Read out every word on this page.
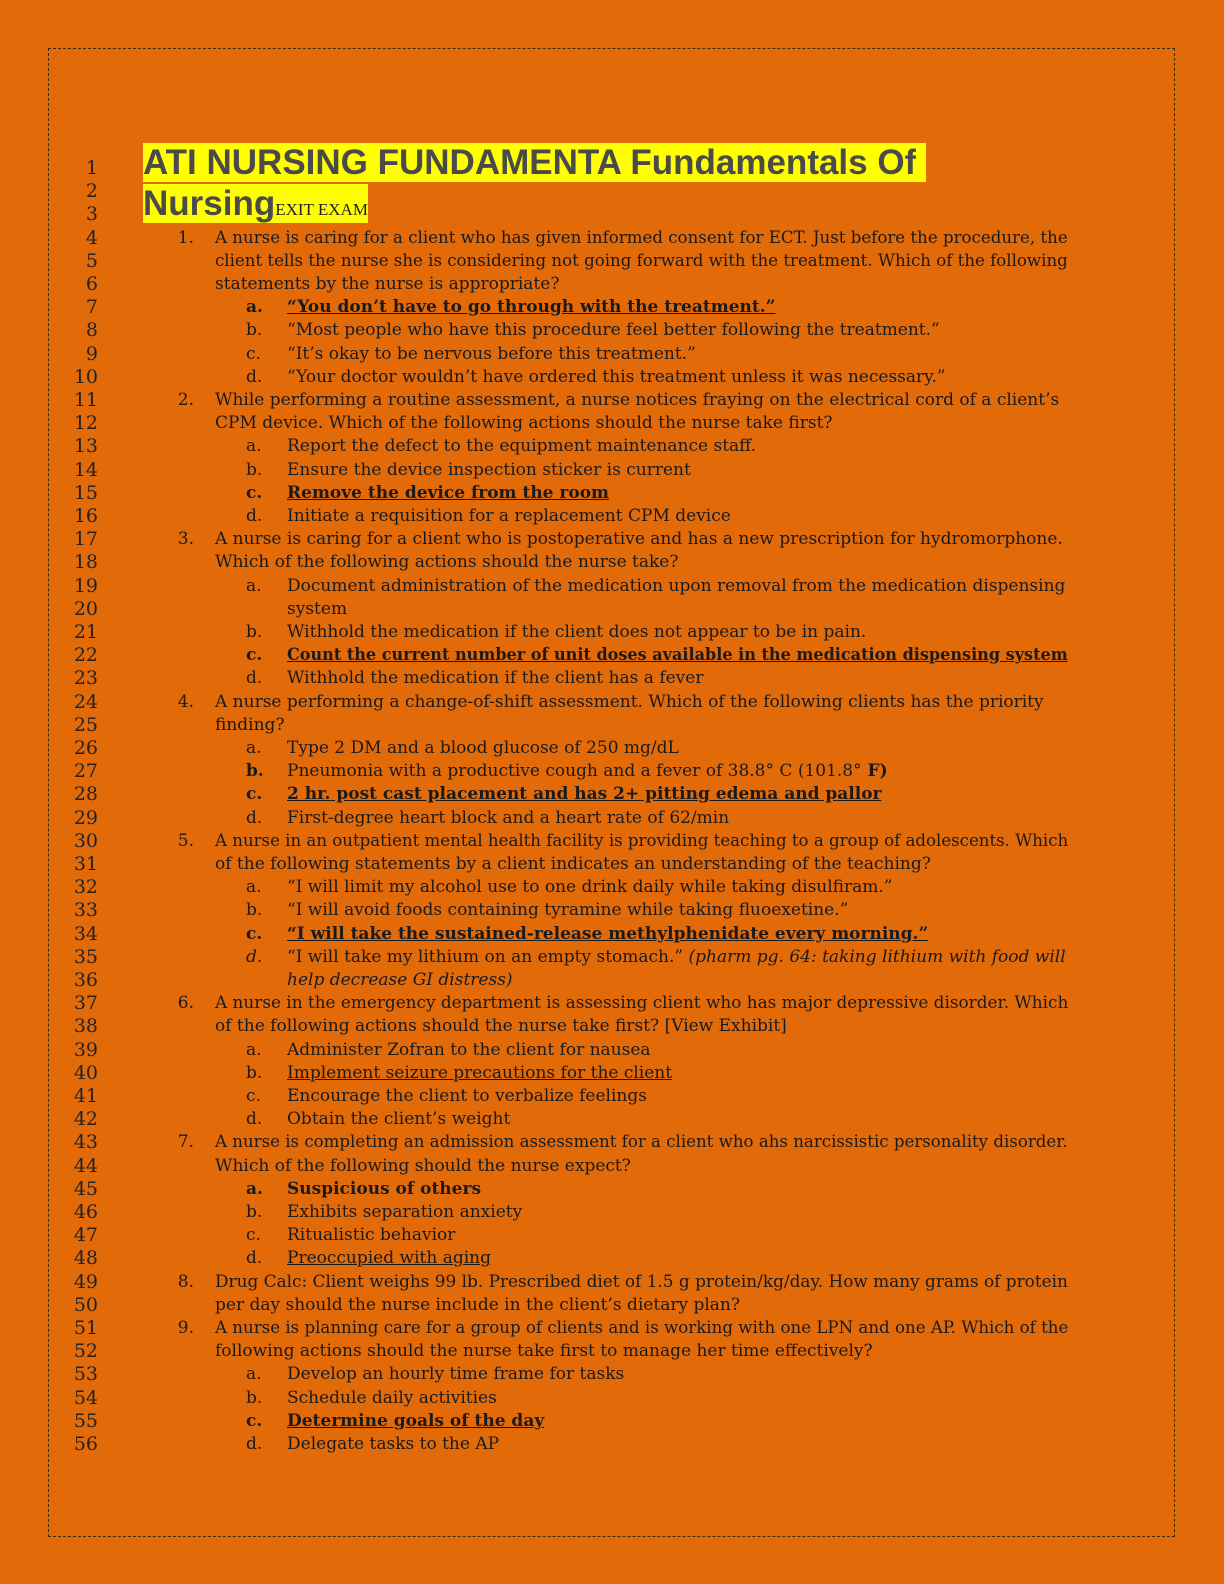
ATI NURSING FUNDAMENTA Fundamentals Of
NursingEXIT EXAM
1
2
3
4	1. A nurse is caring for a client who has given informed consent for ECT. Just before the procedure, the
5	client tells the nurse she is considering not going forward with the treatment. Which of the following
6	statements by the nurse is appropriate?
7	a.	“You don’t have to go through with the treatment.”
8	b.	“Most people who have this procedure feel better following the treatment.”
9	c.	“It’s okay to be nervous before this treatment.”
10	d.	“Your doctor wouldn’t have ordered this treatment unless it was necessary.”
11	2. While performing a routine assessment, a nurse notices fraying on the electrical cord of a client’s
12	CPM device. Which of the following actions should the nurse take first?
13	a.	Report the defect to the equipment maintenance staff.
14	b.	Ensure the device inspection sticker is current
15	c.	Remove the device from the room
16	d.	Initiate a requisition for a replacement CPM device
17	3. A nurse is caring for a client who is postoperative and has a new prescription for hydromorphone.
18	Which of the following actions should the nurse take?
19	a.	Document administration of the medication upon removal from the medication dispensing
20	system
21	b.	Withhold the medication if the client does not appear to be in pain.
22	c.	Count the current number of unit doses available in the medication dispensing system
23	d.	Withhold the medication if the client has a fever
24	4. A nurse performing a change-of-shift assessment. Which of the following clients has the priority
25	finding?
26	a.	Type 2 DM and a blood glucose of 250 mg/dL
27	b.	Pneumonia with a productive cough and a fever of 38.8° C (101.8° F)
28	c.	2 hr. post cast placement and has 2+ pitting edema and pallor
29	d.	First-degree heart block and a heart rate of 62/min
30	5. A nurse in an outpatient mental health facility is providing teaching to a group of adolescents. Which
31	of the following statements by a client indicates an understanding of the teaching?
32	a.	“I will limit my alcohol use to one drink daily while taking disulfiram.”
33	b.	“I will avoid foods containing tyramine while taking fluoexetine.”
34	c.	“I will take the sustained-release methylphenidate every morning.”
35	d.	“I will take my lithium on an empty stomach.” (pharm pg. 64: taking lithium with food will
36	help decrease GI distress)
37	6. A nurse in the emergency department is assessing client who has major depressive disorder. Which
38	of the following actions should the nurse take first? [View Exhibit]
39	a.	Administer Zofran to the client for nausea
40	b.	Implement seizure precautions for the client
41	c.	Encourage the client to verbalize feelings
42	d.	Obtain the client’s weight
43	7. A nurse is completing an admission assessment for a client who ahs narcissistic personality disorder.
44	Which of the following should the nurse expect?
45	a.	Suspicious of others
46	b.	Exhibits separation anxiety
47	c.	Ritualistic behavior
48	d.	Preoccupied with aging
49	8. Drug Calc: Client weighs 99 lb. Prescribed diet of 1.5 g protein/kg/day. How many grams of protein
50	per day should the nurse include in the client’s dietary plan?
51	9. A nurse is planning care for a group of clients and is working with one LPN and one AP. Which of the
52	following actions should the nurse take first to manage her time effectively?
53	a.	Develop an hourly time frame for tasks
54	b.	Schedule daily activities
55	c.	Determine goals of the day
56	d.	Delegate tasks to the AP
